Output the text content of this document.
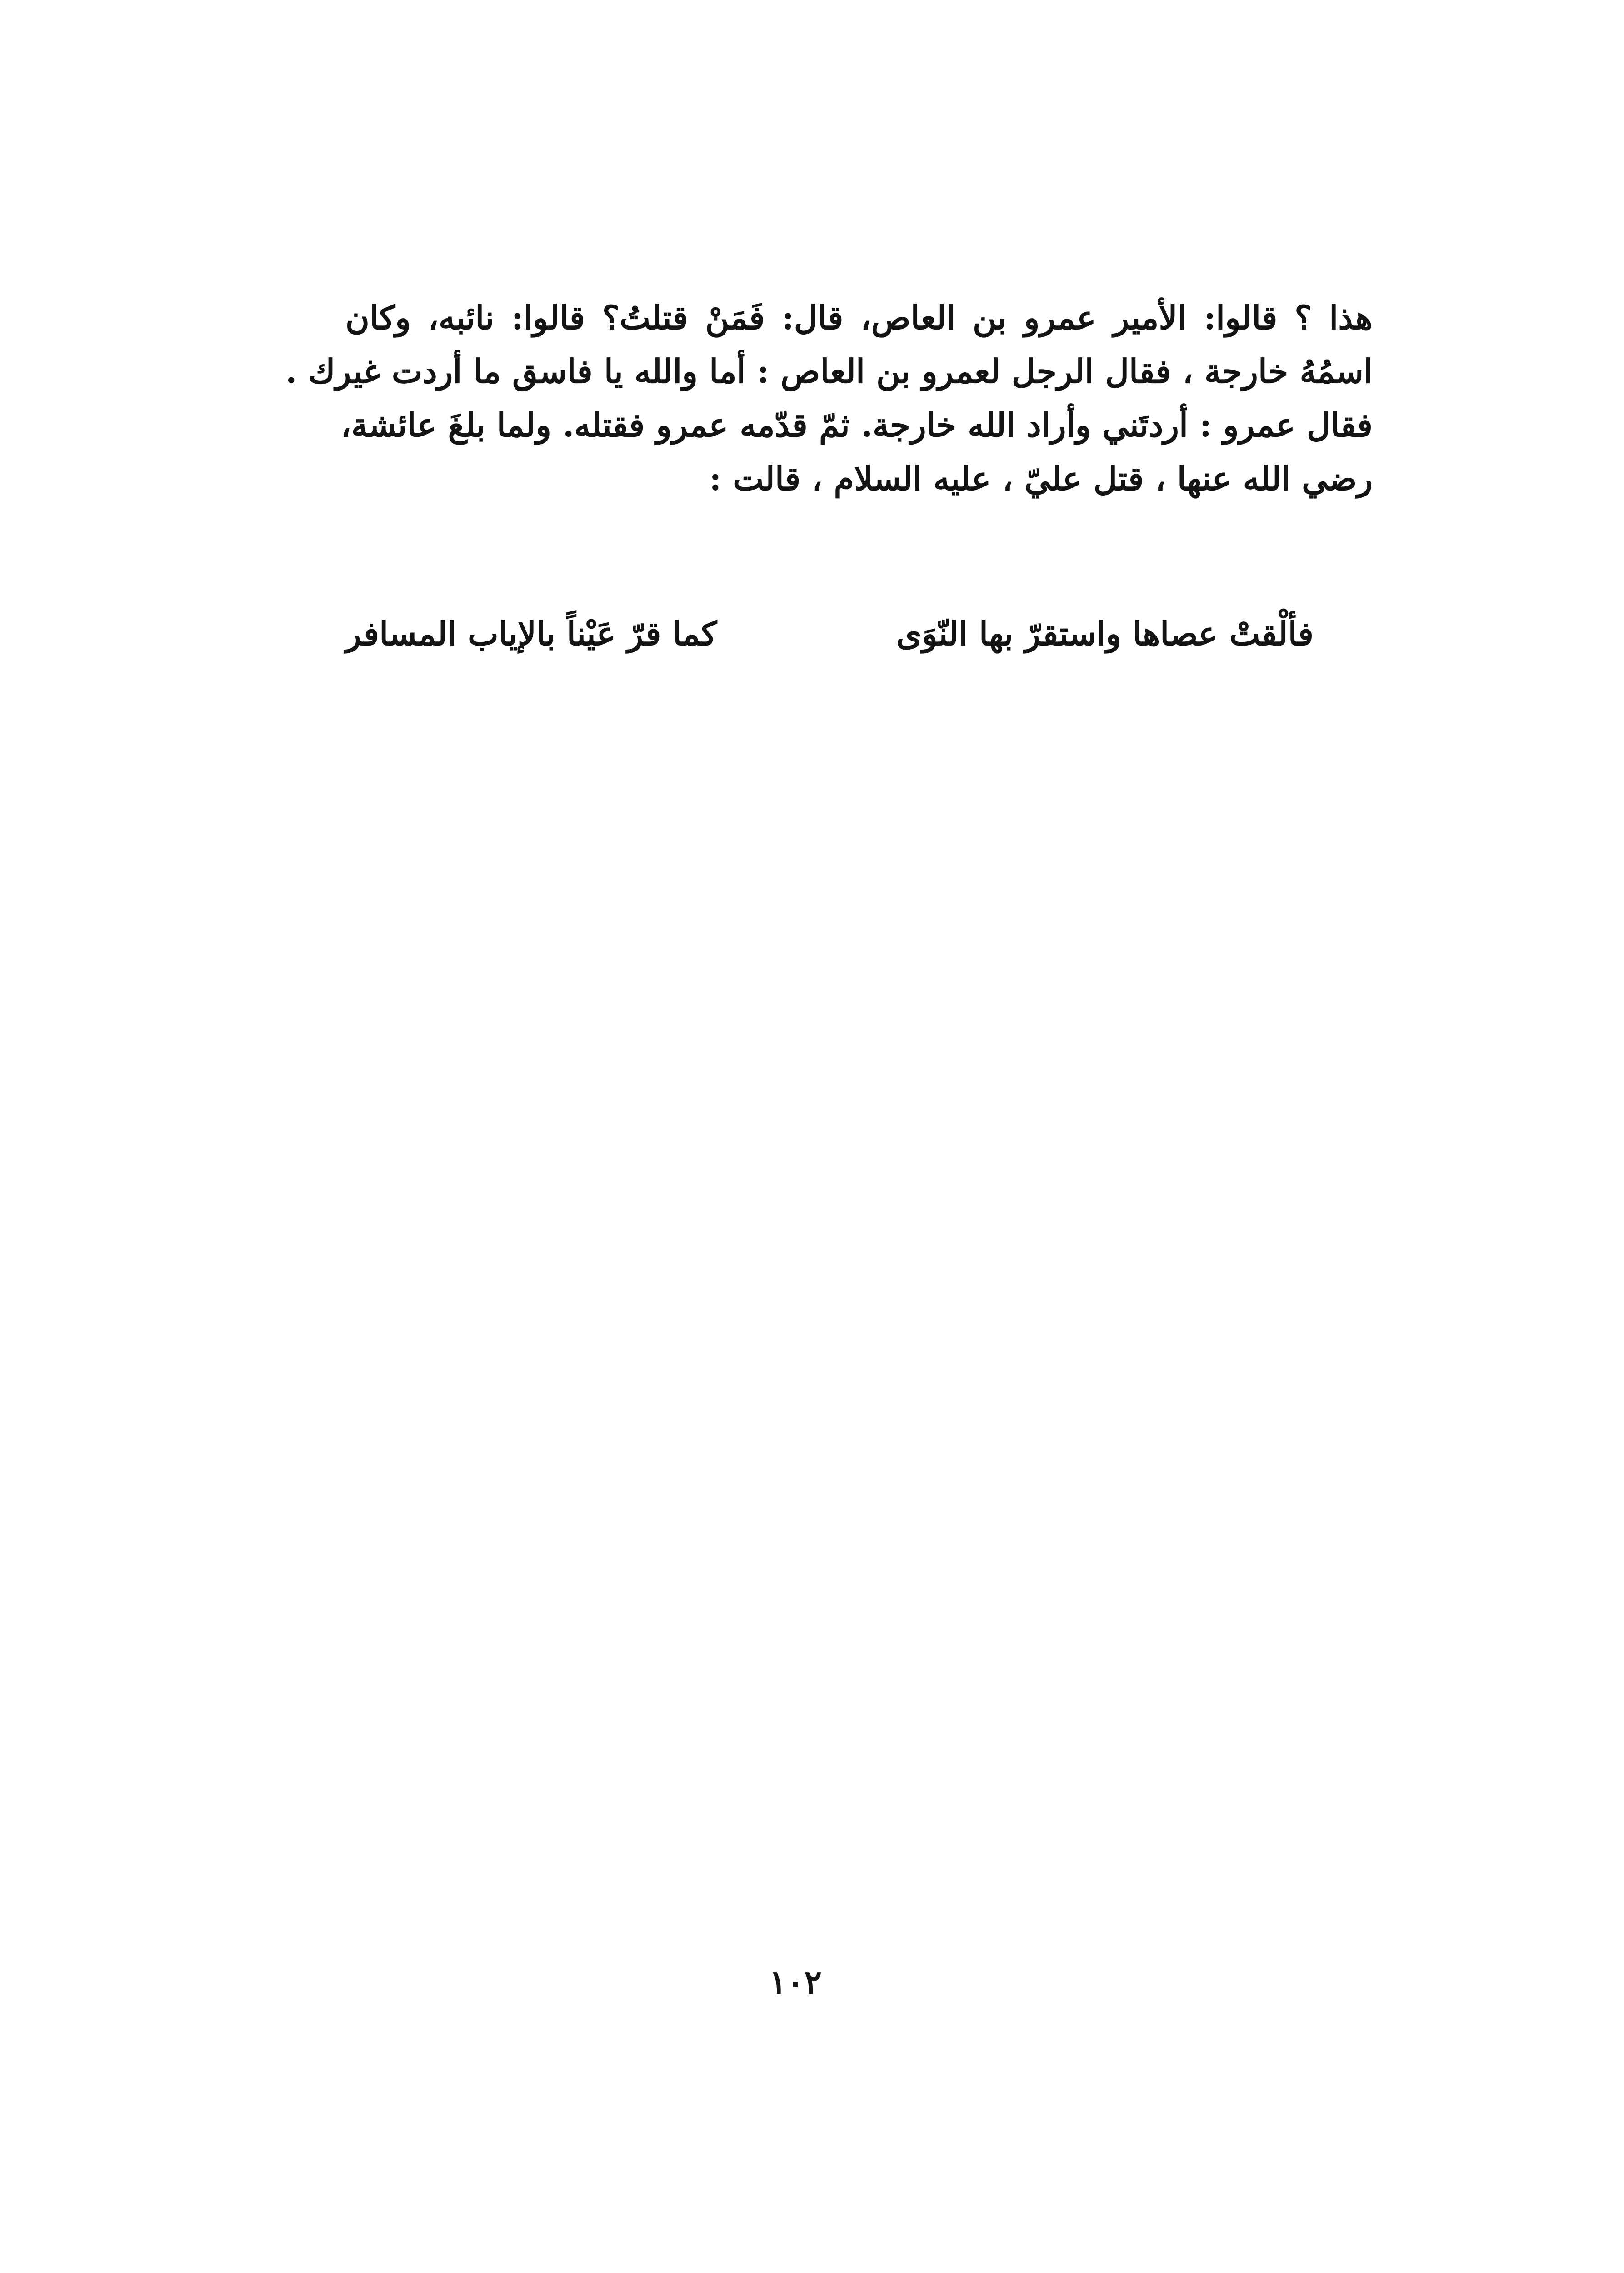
هذا ؟ قالوا: الأمير عمرو بن العاص، قال: فَمَنْ قتلتُ؟ قالوا: نائبه، وكان
اسمُهُ خارجة ، فقال الرجل لعمرو بن العاص : أما والله يا فاسق ما أردت غيرك .
فقال عمرو : أردتَني وأراد الله خارجة. ثمّ قدّمه عمرو فقتله. ولما بلغَ عائشة،
رضي الله عنها ، قتل عليّ ، عليه السلام ، قالت :
فألْقتْ عصاها واستقرّ بها النّوَى
كما قرّ عَيْناً بالإياب المسافر
١٠٢
